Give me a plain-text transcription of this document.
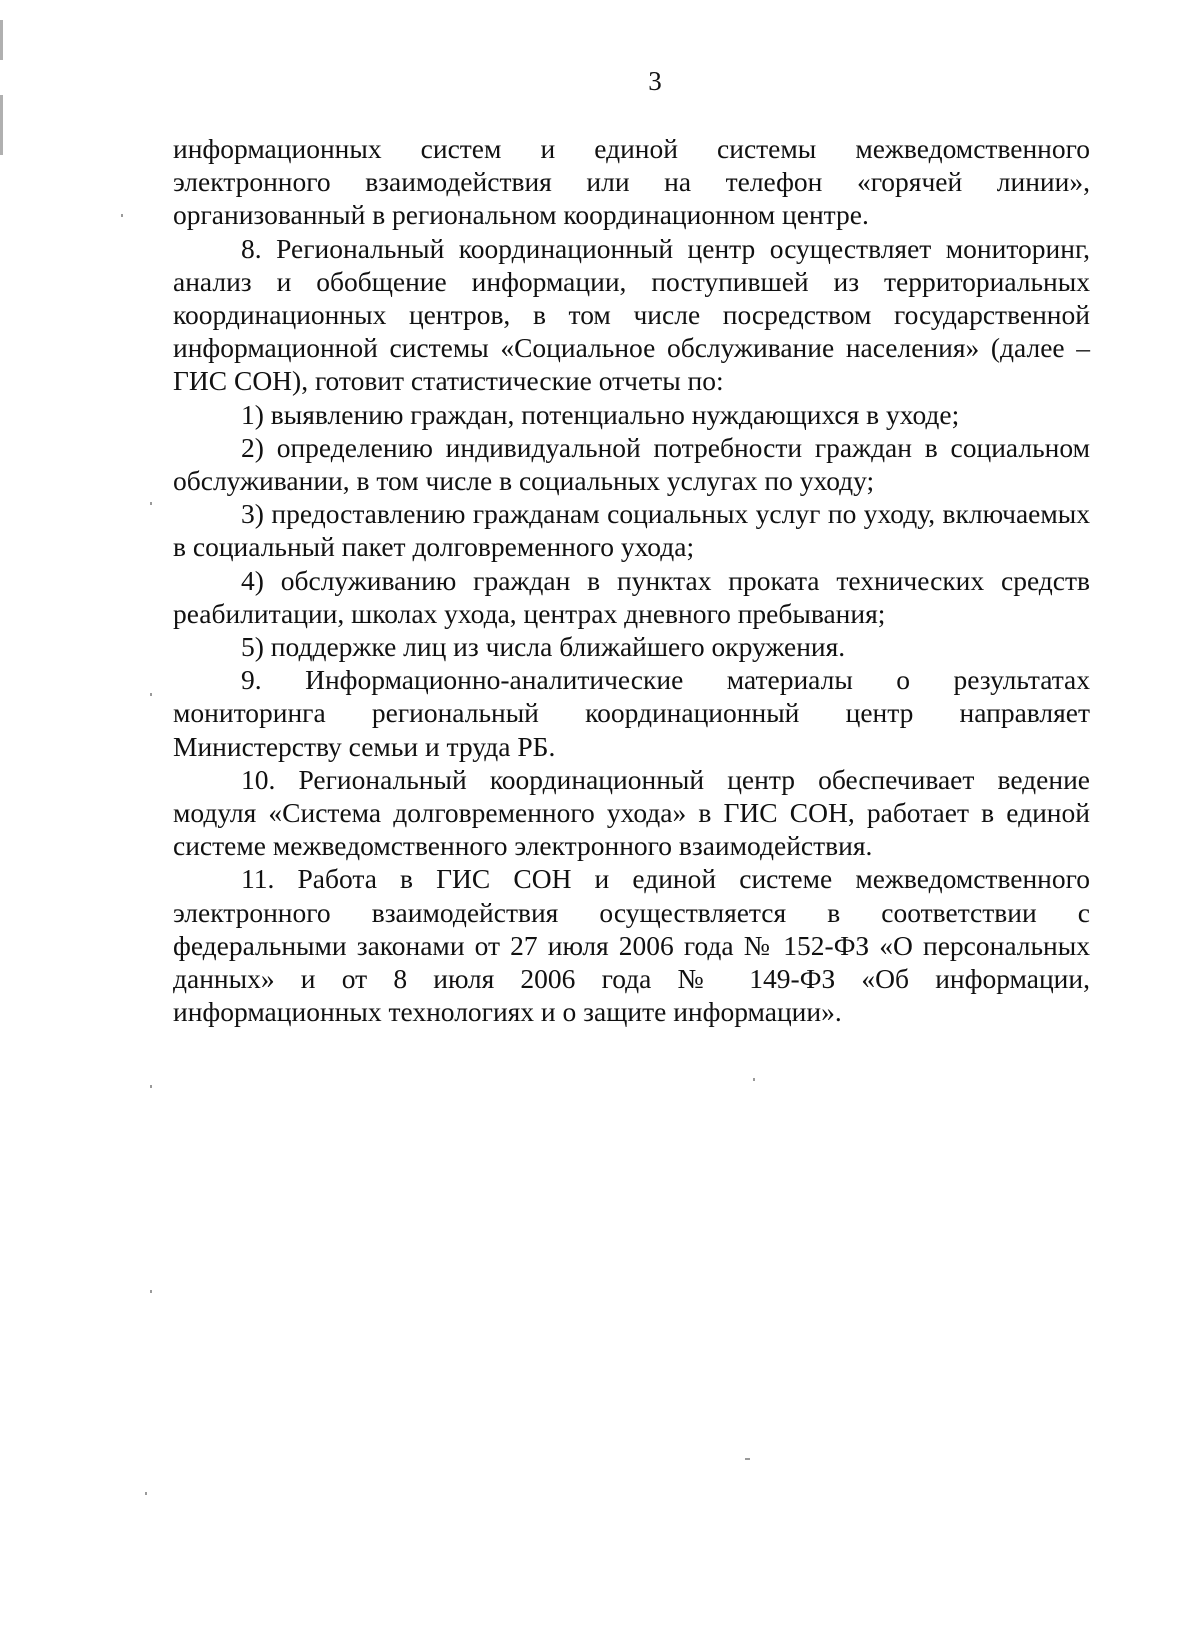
3

информационных систем и единой системы межведомственного электронного взаимодействия или на телефон «горячей линии», организованный в региональном координационном центре.

8. Региональный координационный центр осуществляет мониторинг, анализ и обобщение информации, поступившей из территориальных координационных центров, в том числе посредством государственной информационной системы «Социальное обслуживание населения» (далее – ГИС СОН), готовит статистические отчеты по:

1) выявлению граждан, потенциально нуждающихся в уходе;

2) определению индивидуальной потребности граждан в социальном обслуживании, в том числе в социальных услугах по уходу;

3) предоставлению гражданам социальных услуг по уходу, включаемых в социальный пакет долговременного ухода;

4) обслуживанию граждан в пунктах проката технических средств реабилитации, школах ухода, центрах дневного пребывания;

5) поддержке лиц из числа ближайшего окружения.

9. Информационно-аналитические материалы о результатах мониторинга региональный координационный центр направляет Министерству семьи и труда РБ.

10. Региональный координационный центр обеспечивает ведение модуля «Система долговременного ухода» в ГИС СОН, работает в единой системе межведомственного электронного взаимодействия.

11. Работа в ГИС СОН и единой системе межведомственного электронного взаимодействия осуществляется в соответствии с федеральными законами от 27 июля 2006 года № 152-ФЗ «О персональных данных» и от 8 июля 2006 года № 149-ФЗ «Об информации, информационных технологиях и о защите информации».
